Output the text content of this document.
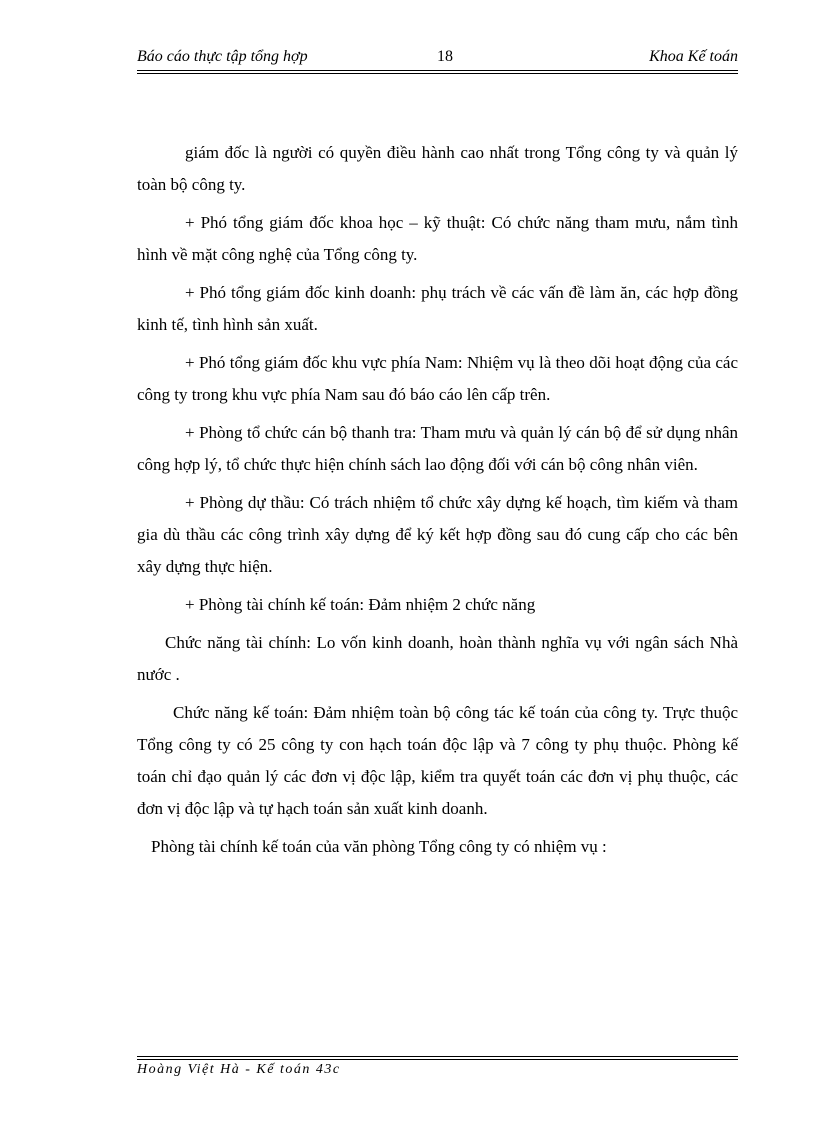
Báo cáo thực tập tổng hợp	18	Khoa Kế toán

giám đốc là người có quyền điều hành cao nhất trong Tổng công ty và quản lý toàn bộ công ty.

+ Phó tổng giám đốc khoa học – kỹ thuật: Có chức năng tham mưu, nắm tình hình về mặt công nghệ của Tổng công ty.

+ Phó tổng giám đốc kinh doanh: phụ trách về các vấn đề làm ăn, các hợp đồng kinh tế, tình hình sản xuất.

+ Phó tổng giám đốc khu vực phía Nam: Nhiệm vụ là theo dõi hoạt động của các công ty trong khu vực phía Nam sau đó báo cáo lên cấp trên.

+ Phòng tổ chức cán bộ thanh tra: Tham mưu và quản lý cán bộ để sử dụng nhân công hợp lý, tổ chức thực hiện chính sách lao động đối với cán bộ công nhân viên.

+ Phòng dự thầu: Có trách nhiệm tổ chức xây dựng kế hoạch, tìm kiếm và tham gia dù thầu các công trình xây dựng để ký kết hợp đồng sau đó cung cấp cho các bên xây dựng thực hiện.

+ Phòng tài chính kế toán: Đảm nhiệm 2 chức năng

Chức năng tài chính: Lo vốn kinh doanh, hoàn thành nghĩa vụ với ngân sách Nhà nước .

Chức năng kế toán: Đảm nhiệm toàn bộ công tác kế toán của công ty. Trực thuộc Tổng công ty có 25 công ty con hạch toán độc lập và 7 công ty phụ thuộc. Phòng kế toán chỉ đạo quản lý các đơn vị độc lập, kiểm tra quyết toán các đơn vị phụ thuộc, các đơn vị độc lập và tự hạch toán sản xuất kinh doanh.

Phòng tài chính kế toán của văn phòng Tổng công ty có nhiệm vụ :

Hoàng Việt Hà - Kế toán 43c
